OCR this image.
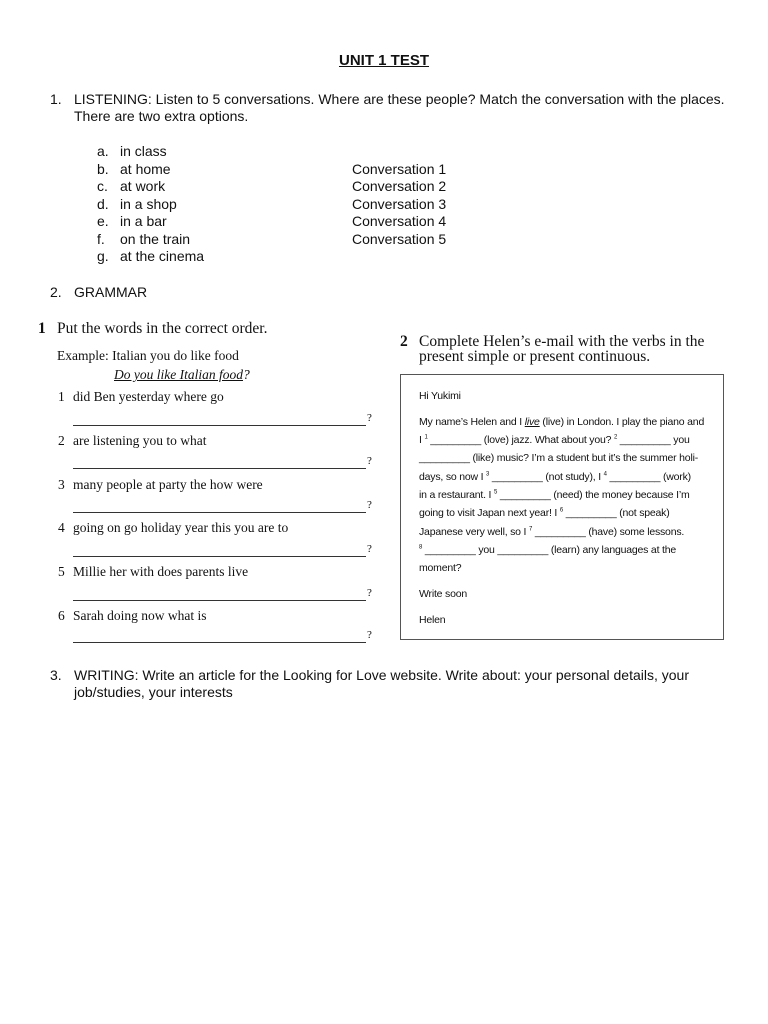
UNIT 1 TEST
1. LISTENING: Listen to 5 conversations. Where are these people? Match the conversation with the places. There are two extra options.
a. in class
b. at home
c. at work
d. in a shop
e. in a bar
f. on the train
g. at the cinema
Conversation 1
Conversation 2
Conversation 3
Conversation 4
Conversation 5
2. GRAMMAR
1 Put the words in the correct order.
Example: Italian you do like food
Do you like Italian food?
1 did Ben yesterday where go
?
2 are listening you to what
?
3 many people at party the how were
?
4 going on go holiday year this you are to
?
5 Millie her with does parents live
?
6 Sarah doing now what is
?
2 Complete Helen’s e-mail with the verbs in the
present simple or present continuous.
Hi Yukimi
My name’s Helen and I live (live) in London. I play the piano and
I $^1$ _________ (love) jazz. What about you? $^2$ _________ you
_________ (like) music? I’m a student but it’s the summer holi-
days, so now I $^3$ _________ (not study), I $^4$ _________ (work)
in a restaurant. I $^5$ _________ (need) the money because I’m
going to visit Japan next year! I $^6$ _________ (not speak)
Japanese very well, so I $^7$ _________ (have) some lessons.
$^8$ _________ you _________ (learn) any languages at the
moment?
Write soon
Helen
3. WRITING: Write an article for the Looking for Love website. Write about: your personal details, your job/studies, your interests
